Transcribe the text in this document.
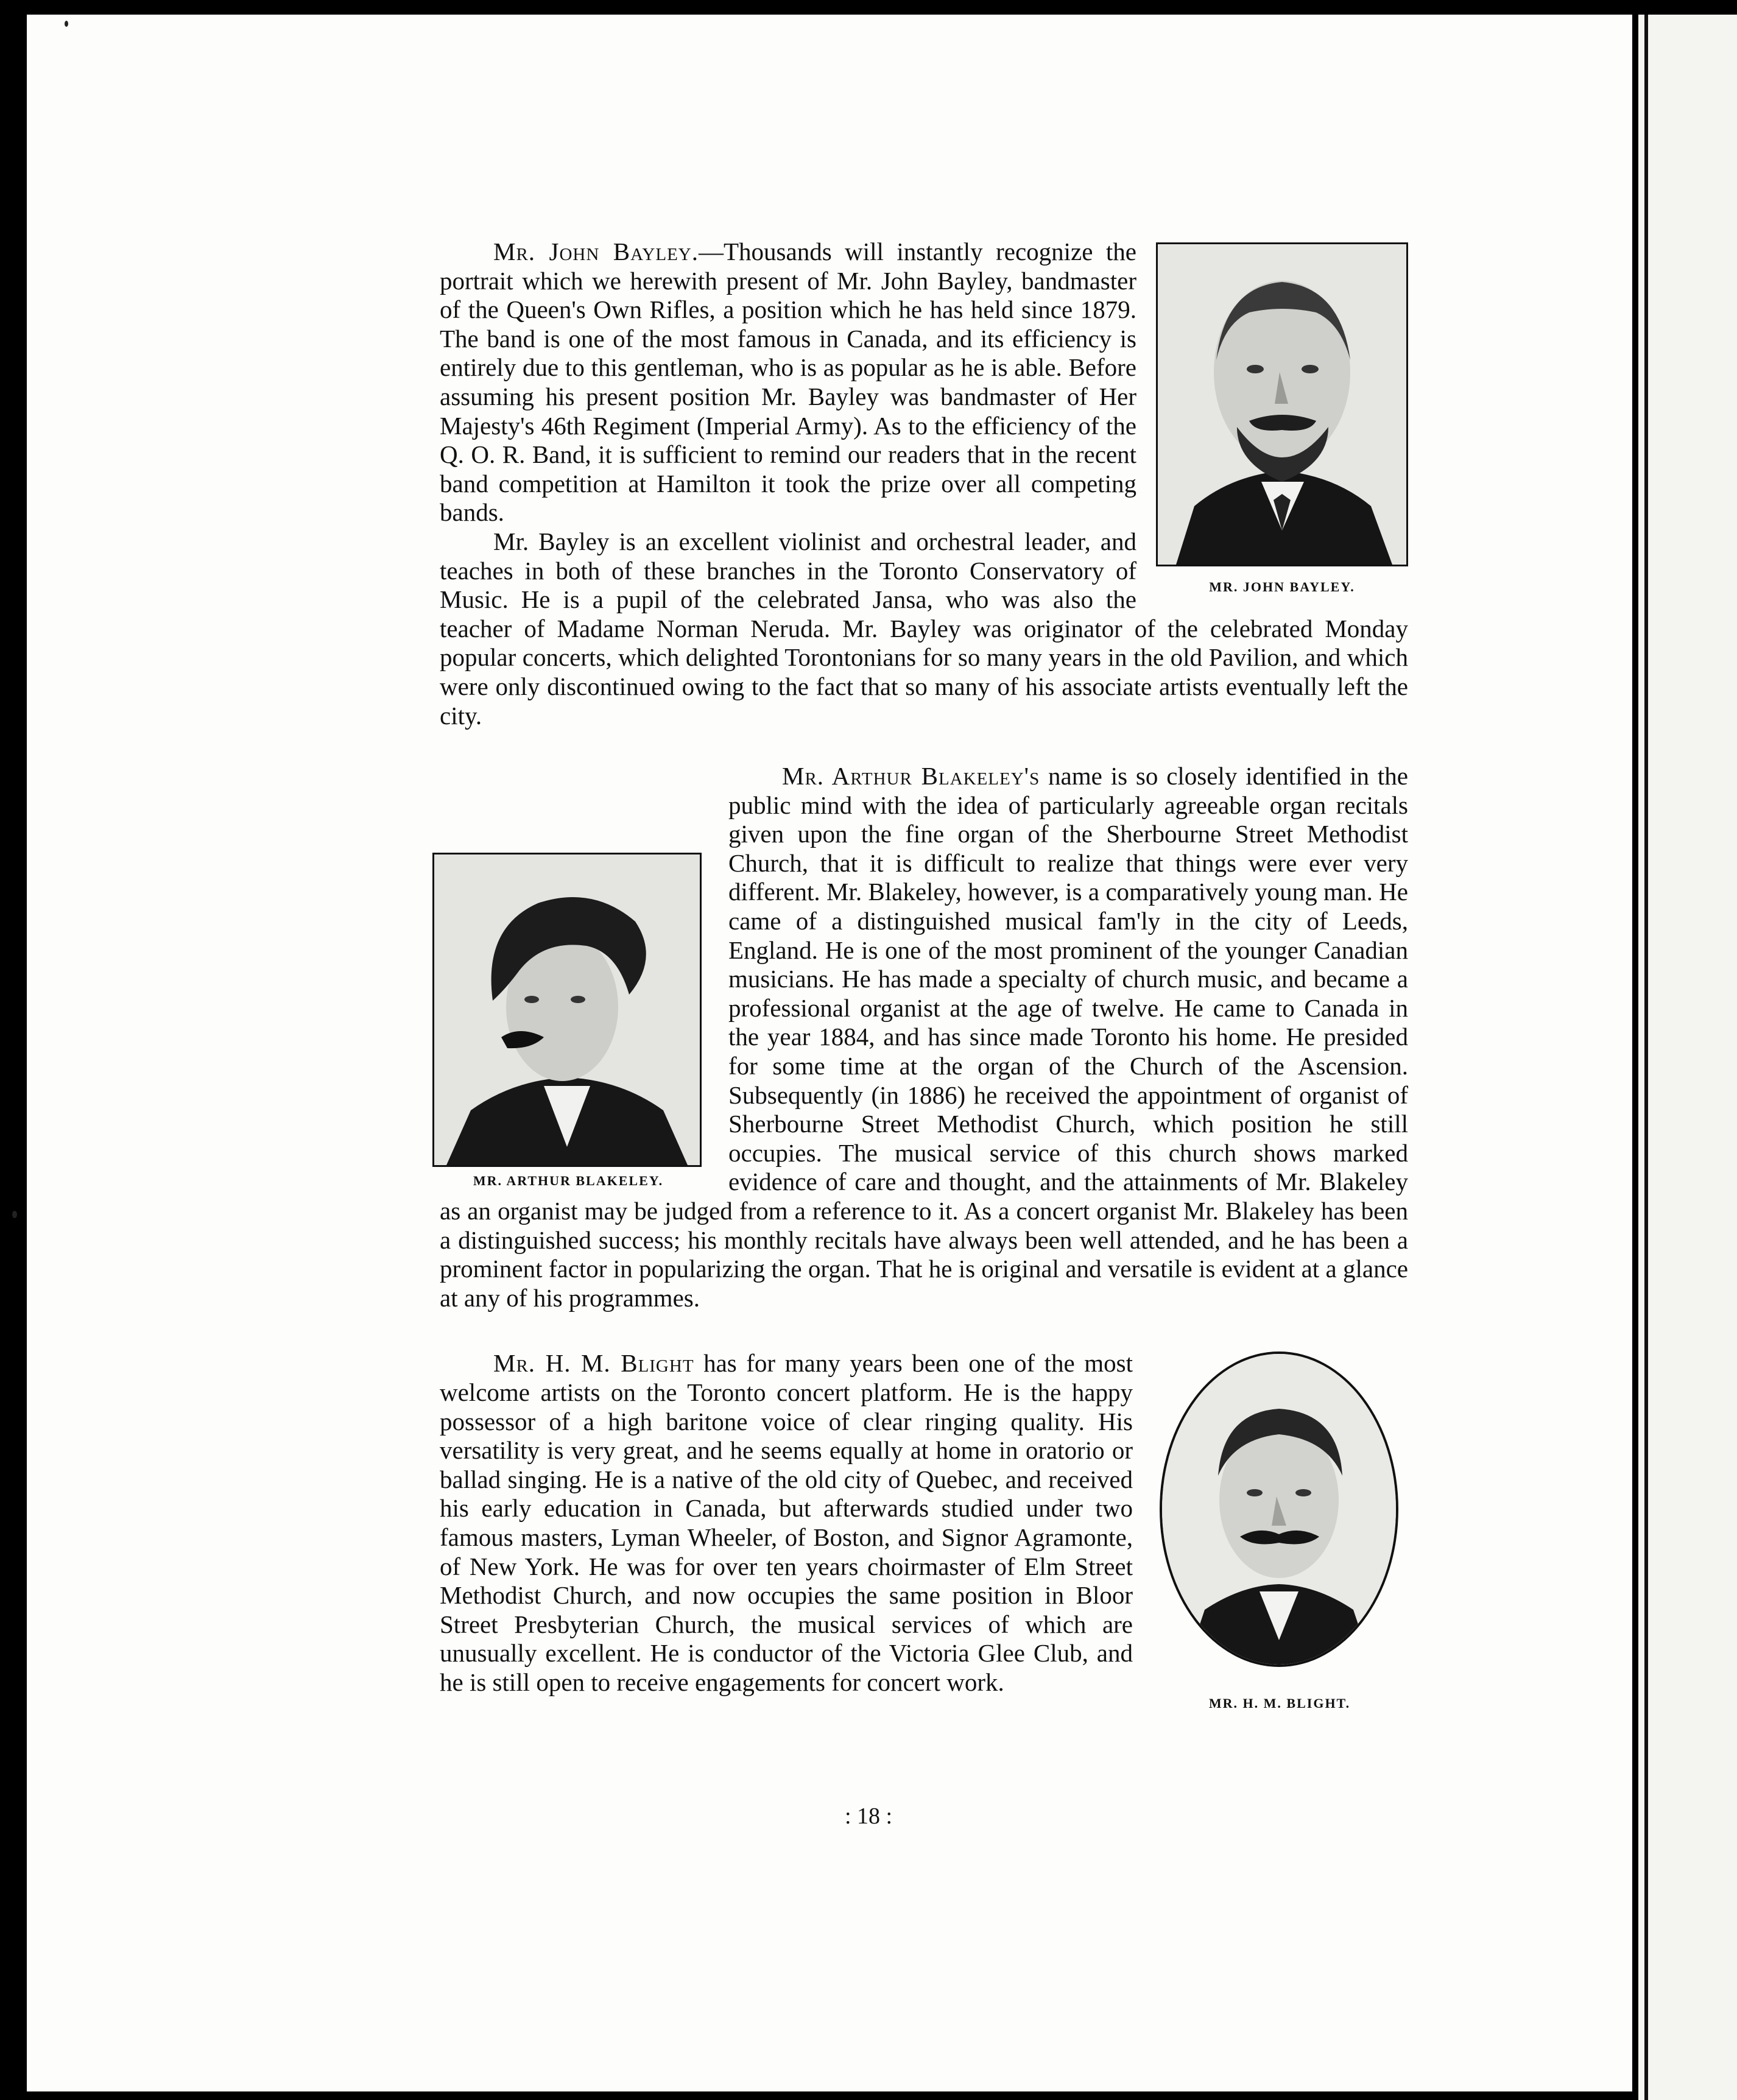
MR. JOHN BAYLEY.

Mr. John Bayley.—Thousands will instantly recognize the portrait which we herewith present of Mr. John Bayley, bandmaster of the Queen's Own Rifles, a position which he has held since 1879. The band is one of the most famous in Canada, and its efficiency is entirely due to this gentleman, who is as popular as he is able. Before assuming his present position Mr. Bayley was bandmaster of Her Majesty's 46th Regiment (Imperial Army). As to the efficiency of the Q. O. R. Band, it is sufficient to remind our readers that in the recent band competition at Hamilton it took the prize over all competing bands.

Mr. Bayley is an excellent violinist and orchestral leader, and teaches in both of these branches in the Toronto Conservatory of Music. He is a pupil of the celebrated Jansa, who was also the teacher of Madame Norman Neruda. Mr. Bayley was originator of the celebrated Monday popular concerts, which delighted Torontonians for so many years in the old Pavilion, and which were only discontinued owing to the fact that so many of his associate artists eventually left the city.

Mr. Arthur Blakeley's name is so closely identified in the public mind with the idea of particularly agreeable organ recitals given upon the fine organ of the Sherbourne Street Methodist Church, that it is difficult to realize that things were ever very different. Mr. Blakeley, however, is a comparatively young man. He came of a distinguished musical fam'ly in the city of Leeds, England. He is one of the most prominent of the younger Canadian musicians. He has made a specialty of church music, and became a professional organist at the age of twelve. He came to Canada in the year 1884, and has since made Toronto his home. He presided for some time at the organ of the Church of the Ascension. Subsequently (in 1886) he received the appointment of organist of Sherbourne Street Methodist Church, which position he still occupies. The musical service of this church shows marked evidence of care and thought, and the attainments of Mr. Blakeley as an organist may be judged from a reference to it. As a concert organist Mr. Blakeley has been a distinguished success; his monthly recitals have always been well attended, and he has been a prominent factor in popularizing the organ. That he is original and versatile is evident at a glance at any of his programmes.

MR. H. M. BLIGHT.

Mr. H. M. Blight has for many years been one of the most welcome artists on the Toronto concert platform. He is the happy possessor of a high baritone voice of clear ringing quality. His versatility is very great, and he seems equally at home in oratorio or ballad singing. He is a native of the old city of Quebec, and received his early education in Canada, but afterwards studied under two famous masters, Lyman Wheeler, of Boston, and Signor Agramonte, of New York. He was for over ten years choirmaster of Elm Street Methodist Church, and now occupies the same position in Bloor Street Presbyterian Church, the musical services of which are unusually excellent. He is conductor of the Victoria Glee Club, and he is still open to receive engagements for concert work.

MR. ARTHUR BLAKELEY.
: 18 :
